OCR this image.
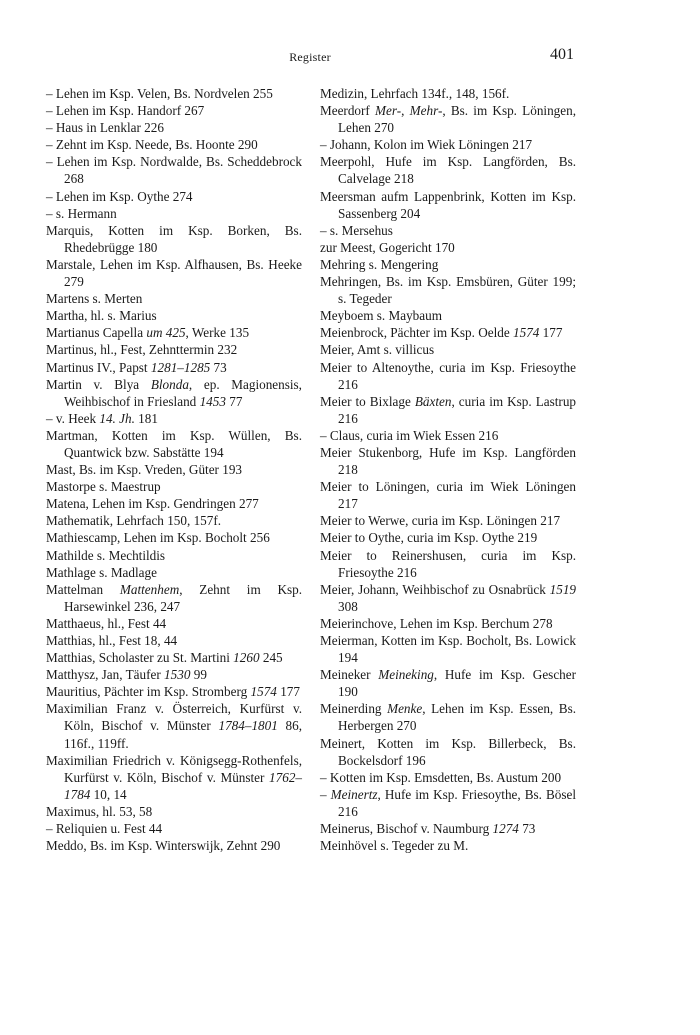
Register	401

– Lehen im Ksp. Velen, Bs. Nordvelen 255

– Lehen im Ksp. Handorf 267

– Haus in Lenklar 226

– Zehnt im Ksp. Neede, Bs. Hoonte 290

– Lehen im Ksp. Nordwalde, Bs. Scheddebrock 268

– Lehen im Ksp. Oythe 274

– s. Hermann

Marquis, Kotten im Ksp. Borken, Bs. Rhedebrügge 180

Marstale, Lehen im Ksp. Alfhausen, Bs. Heeke 279

Martens s. Merten

Martha, hl. s. Marius

Martianus Capella um 425, Werke 135

Martinus, hl., Fest, Zehnttermin 232

Martinus IV., Papst 1281–1285 73

Martin v. Blya Blonda, ep. Magionensis, Weihbischof in Friesland 1453 77

– v. Heek 14. Jh. 181

Martman, Kotten im Ksp. Wüllen, Bs. Quantwick bzw. Sabstätte 194

Mast, Bs. im Ksp. Vreden, Güter 193

Mastorpe s. Maestrup

Matena, Lehen im Ksp. Gendringen 277

Mathematik, Lehrfach 150, 157f.

Mathiescamp, Lehen im Ksp. Bocholt 256

Mathilde s. Mechtildis

Mathlage s. Madlage

Mattelman Mattenhem, Zehnt im Ksp. Harsewinkel 236, 247

Matthaeus, hl., Fest 44

Matthias, hl., Fest 18, 44

Matthias, Scholaster zu St. Martini 1260 245

Matthysz, Jan, Täufer 1530 99

Mauritius, Pächter im Ksp. Stromberg 1574 177

Maximilian Franz v. Österreich, Kurfürst v. Köln, Bischof v. Münster 1784–1801 86, 116f., 119ff.

Maximilian Friedrich v. Königsegg-Rothenfels, Kurfürst v. Köln, Bischof v. Münster 1762–1784 10, 14

Maximus, hl. 53, 58

– Reliquien u. Fest 44

Meddo, Bs. im Ksp. Winterswijk, Zehnt 290

Medizin, Lehrfach 134f., 148, 156f.

Meerdorf Mer-, Mehr-, Bs. im Ksp. Löningen, Lehen 270

– Johann, Kolon im Wiek Löningen 217

Meerpohl, Hufe im Ksp. Langförden, Bs. Calvelage 218

Meersman aufm Lappenbrink, Kotten im Ksp. Sassenberg 204

– s. Mersehus

zur Meest, Gogericht 170

Mehring s. Mengering

Mehringen, Bs. im Ksp. Emsbüren, Güter 199; s. Tegeder

Meyboem s. Maybaum

Meienbrock, Pächter im Ksp. Oelde 1574 177

Meier, Amt s. villicus

Meier to Altenoythe, curia im Ksp. Friesoythe 216

Meier to Bixlage Bäxten, curia im Ksp. Lastrup 216

– Claus, curia im Wiek Essen 216

Meier Stukenborg, Hufe im Ksp. Langförden 218

Meier to Löningen, curia im Wiek Löningen 217

Meier to Werwe, curia im Ksp. Löningen 217

Meier to Oythe, curia im Ksp. Oythe 219

Meier to Reinershusen, curia im Ksp. Friesoythe 216

Meier, Johann, Weihbischof zu Osnabrück 1519 308

Meierinchove, Lehen im Ksp. Berchum 278

Meierman, Kotten im Ksp. Bocholt, Bs. Lowick 194

Meineker Meineking, Hufe im Ksp. Gescher 190

Meinerding Menke, Lehen im Ksp. Essen, Bs. Herbergen 270

Meinert, Kotten im Ksp. Billerbeck, Bs. Bockelsdorf 196

– Kotten im Ksp. Emsdetten, Bs. Austum 200

– Meinertz, Hufe im Ksp. Friesoythe, Bs. Bösel 216

Meinerus, Bischof v. Naumburg 1274 73

Meinhövel s. Tegeder zu M.
